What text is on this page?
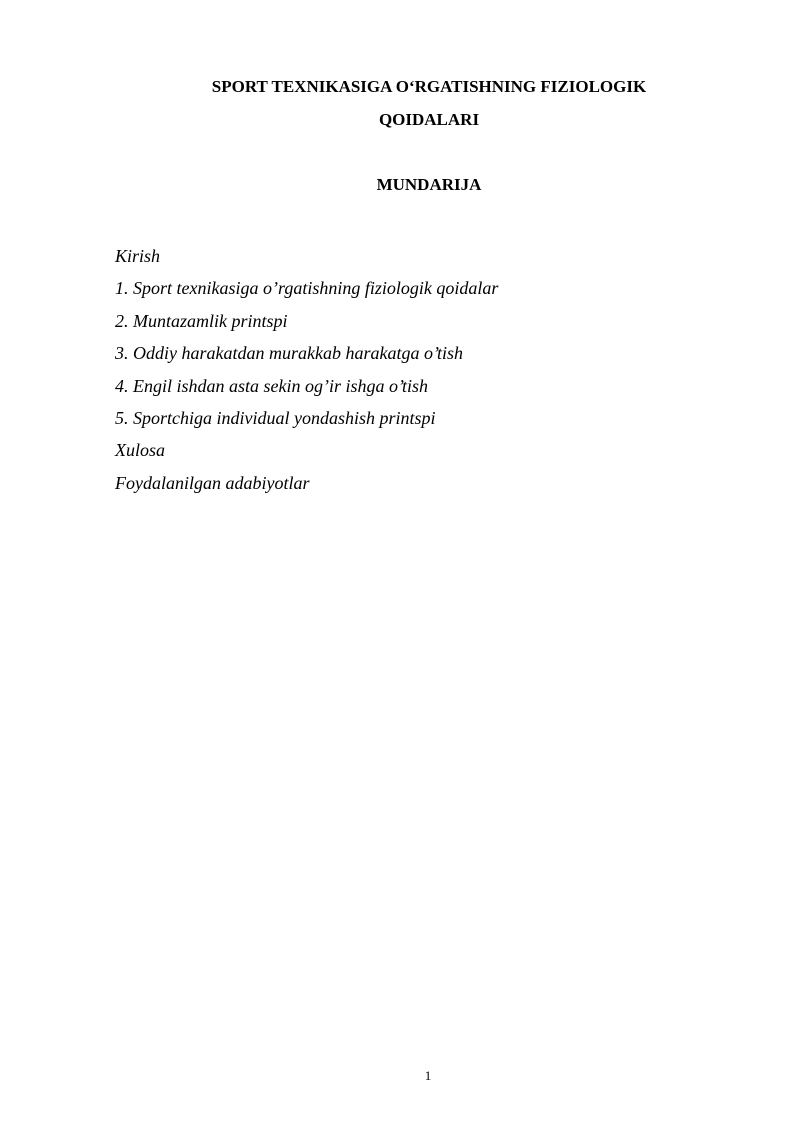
SPORT TEXNIKASIGA O‘RGATISHNING FIZIOLOGIK
QOIDALARI
MUNDARIJA
Kirish
1. Sport texnikasiga o’rgatishning fiziologik qoidalar
2. Muntazamlik printspi
3. Oddiy harakatdan murakkab harakatga o’tish
4. Engil ishdan asta sekin og’ir ishga o’tish
5. Sportchiga individual yondashish printspi
Xulosa
Foydalanilgan adabiyotlar
1
